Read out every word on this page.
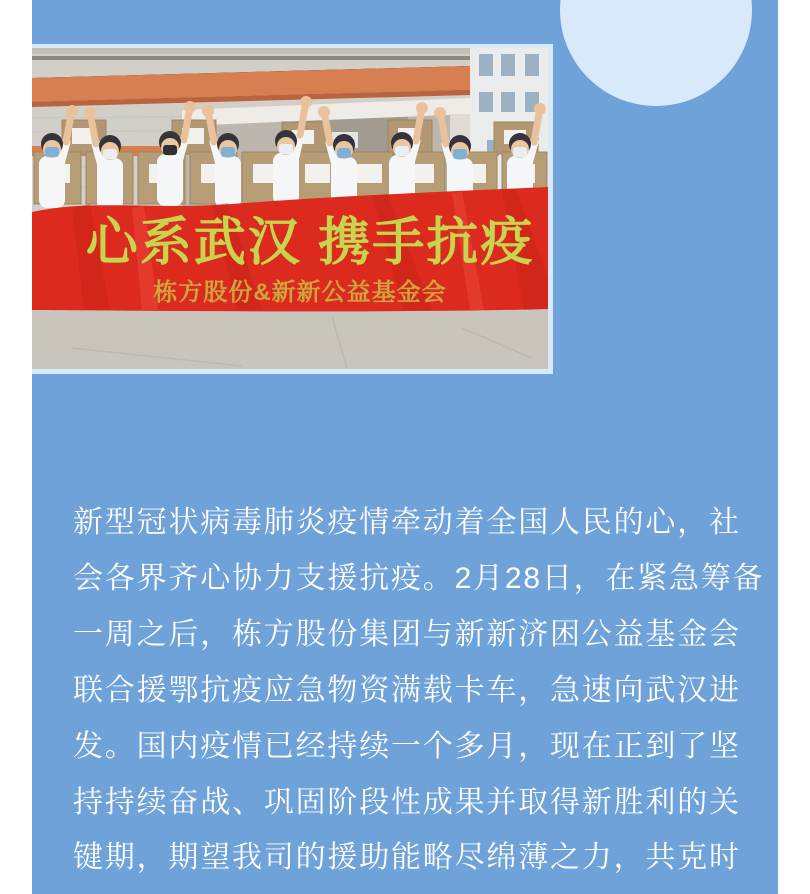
心系武汉 携手抗疫
栋方股份&新新公益基金会
新型冠状病毒肺炎疫情牵动着全国人民的心，社
会各界齐心协力支援抗疫。2月28日，在紧急筹备
一周之后，栋方股份集团与新新济困公益基金会
联合援鄂抗疫应急物资满载卡车，急速向武汉进
发。国内疫情已经持续一个多月，现在正到了坚
持持续奋战、巩固阶段性成果并取得新胜利的关
键期，期望我司的援助能略尽绵薄之力，共克时
